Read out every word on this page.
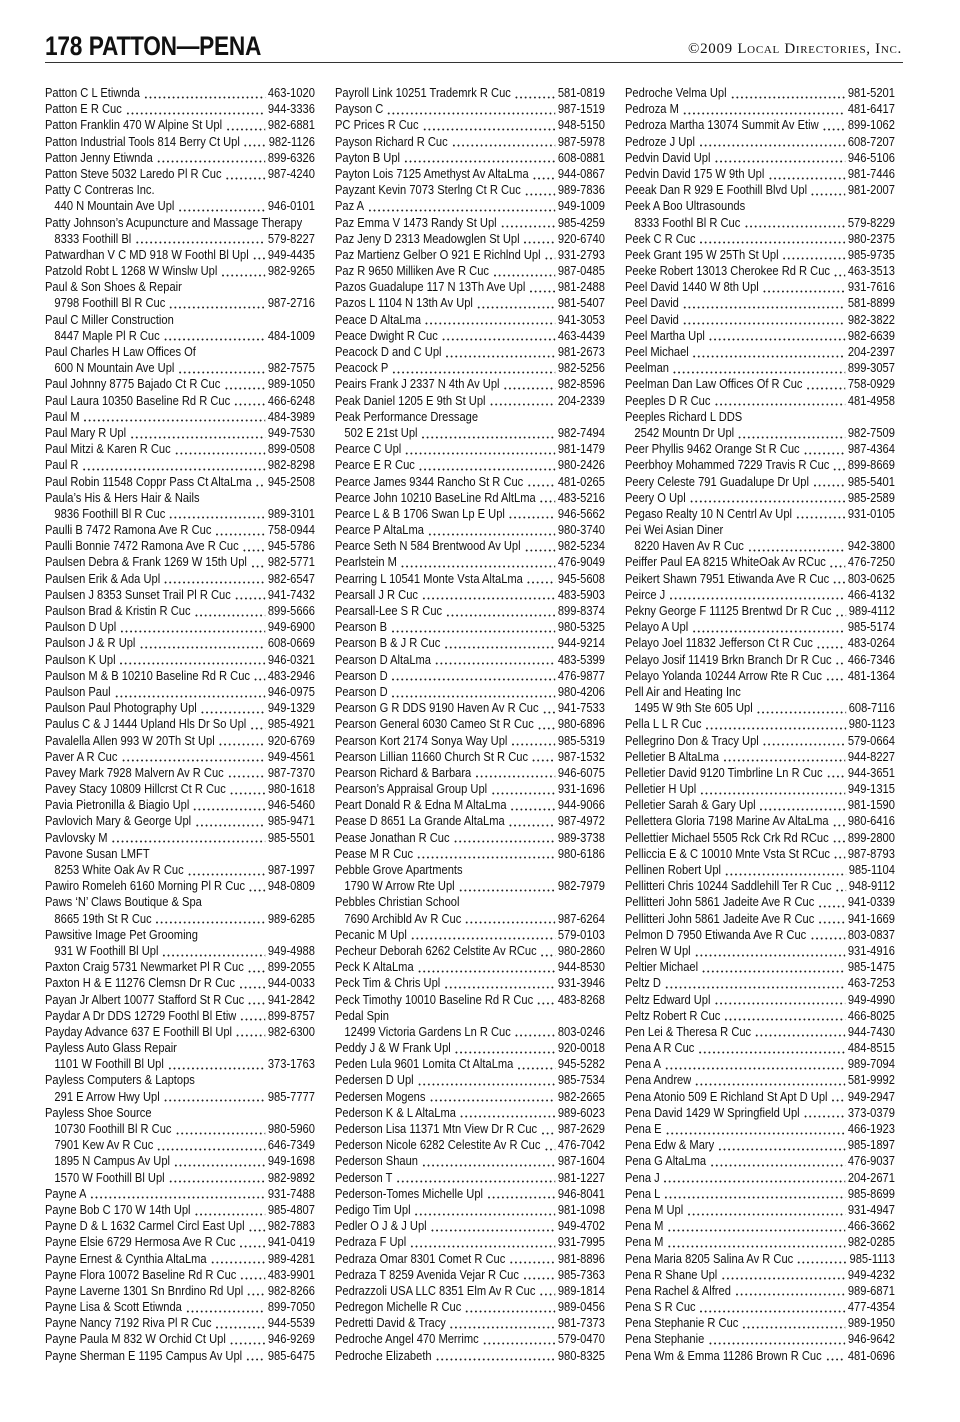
178 PATTON—PENA	©2009 Local Directories, Inc.
Patton C L Etiwnda	463-1020
Patton E R Cuc	944-3336
Patton Franklin 470 W Alpine St Upl	982-6881
Patton Industrial Tools 814 Berry Ct Upl 982-1126
Patton Jenny Etiwnda	899-6326
Patton Steve 5032 Laredo Pl R Cuc	987-4240
Patty C Contreras Inc.
440 N Mountain Ave Upl	946-0101
Patty Johnson’s Acupuncture and Massage Therapy
8333 Foothill Bl	579-8227
Patwardhan V C MD 918 W Foothl Bl Upl 949-4435
Patzold Robt L 1268 W Winslw Upl	982-9265
Paul & Son Shoes & Repair
9798 Foothill Bl R Cuc	987-2716
Paul C Miller Construction
8447 Maple Pl R Cuc	484-1009
Paul Charles H Law Offices Of
600 N Mountain Ave Upl	982-7575
Paul Johnny 8775 Bajado Ct R Cuc	989-1050
Paul Laura 10350 Baseline Rd R Cuc	466-6248
Paul M	484-3989
Paul Mary R Upl	949-7530
Paul Mitzi & Karen R Cuc	899-0508
Paul R	982-8298
Paul Robin 11548 Coppr Pass Ct AltaLma 945-2508
Paula’s His & Hers Hair & Nails
9836 Foothill Bl R Cuc	989-3101
Paulli B 7472 Ramona Ave R Cuc	758-0944
Paulli Bonnie 7472 Ramona Ave R Cuc 945-5786
Paulsen Debra & Frank 1269 W 15th Upl 982-5771
Paulsen Erik & Ada Upl	982-6547
Paulsen J 8353 Sunset Trail Pl R Cuc	941-7432
Paulson Brad & Kristin R Cuc	899-5666
Paulson D Upl	949-6900
Paulson J & R Upl	608-0669
Paulson K Upl	946-0321
Paulson M & B 10210 Baseline Rd R Cuc 483-2946
Paulson Paul	946-0975
Paulson Paul Photography Upl	949-1329
Paulus C & J 1444 Upland Hls Dr So Upl 985-4921
Pavalella Allen 993 W 20Th St Upl	920-6769
Paver A R Cuc	949-4561
Pavey Mark 7928 Malvern Av R Cuc	987-7370
Pavey Stacy 10809 Hillcrst Ct R Cuc	980-1618
Pavia Pietronilla & Biagio Upl	946-5460
Pavlovich Mary & George Upl	985-9471
Pavlovsky M	985-5501
Pavone Susan LMFT
8253 White Oak Av R Cuc	987-1997
Pawiro Romeleh 6160 Morning Pl R Cuc 948-0809
Paws ‘N’ Claws Boutique & Spa
8665 19th St R Cuc	989-6285
Pawsitive Image Pet Grooming
931 W Foothill Bl Upl	949-4988
Paxton Craig 5731 Newmarket Pl R Cuc 899-2055
Paxton H & E 11276 Clemsn Dr R Cuc	944-0033
Payan Jr Albert 10077 Stafford St R Cuc 941-2842
Paydar A Dr DDS 12729 Foothl Bl Etiw 899-8757
Payday Advance 637 E Foothill Bl Upl	982-6300
Payless Auto Glass Repair
1101 W Foothill Bl Upl	373-1763
Payless Computers & Laptops
291 E Arrow Hwy Upl	985-7777
Payless Shoe Source
10730 Foothill Bl R Cuc	980-5960
7901 Kew Av R Cuc	646-7349
1895 N Campus Av Upl	949-1698
1570 W Foothill Bl Upl	982-9892
Payne A	931-7488
Payne Bob C 170 W 14th Upl	985-4807
Payne D & L 1632 Carmel Circl East Upl 982-7883
Payne Elsie 6729 Hermosa Ave R Cuc 941-0419
Payne Ernest & Cynthia AltaLma	989-4281
Payne Flora 10072 Baseline Rd R Cuc 483-9901
Payne Laverne 1301 Sn Bnrdino Rd Upl 982-8266
Payne Lisa & Scott Etiwnda	899-7050
Payne Nancy 7192 Riva Pl R Cuc	944-5539
Payne Paula M 832 W Orchid Ct Upl	946-9269
Payne Sherman E 1195 Campus Av Upl 985-6475
Payroll Link 10251 Trademrk R Cuc	581-0819
Payson C	987-1519
PC Prices R Cuc	948-5150
Payson Richard R Cuc	987-5978
Payton B Upl	608-0881
Payton Lois 7125 Amethyst Av AltaLma 944-0867
Payzant Kevin 7073 Sterlng Ct R Cuc	989-7836
Paz A	949-1009
Paz Emma V 1473 Randy St Upl	985-4259
Paz Jeny D 2313 Meadowglen St Upl	920-6740
Paz Martienz Gelber O 921 E Richlnd Upl 931-2793
Paz R 9650 Milliken Ave R Cuc	987-0485
Pazos Guadalupe 117 N 13Th Ave Upl 981-2488
Pazos L 1104 N 13th Av Upl	981-5407
Peace D AltaLma	941-3053
Peace Dwight R Cuc	463-4439
Peacock D and C Upl	981-2673
Peacock P	982-5256
Peairs Frank J 2337 N 4th Av Upl	982-8596
Peak Daniel 1205 E 9th St Upl	204-2339
Peak Performance Dressage
502 E 21st Upl	982-7494
Pearce C Upl	981-1479
Pearce E R Cuc	980-2426
Pearce James 9344 Rancho St R Cuc	481-0265
Pearce John 10210 BaseLine Rd AltLma 483-5216
Pearce L & B 1706 Swan Lp E Upl	946-5662
Pearce P AltaLma	980-3740
Pearce Seth N 584 Brentwood Av Upl	982-5234
Pearlstein M	476-9049
Pearring L 10541 Monte Vsta AltaLma	945-5608
Pearsall J R Cuc	483-5903
Pearsall-Lee S R Cuc	899-8374
Pearson B	980-5325
Pearson B & J R Cuc	944-9214
Pearson D AltaLma	483-5399
Pearson D	476-9877
Pearson D	980-4206
Pearson G R DDS 9190 Haven Av R Cuc 941-7533
Pearson General 6030 Cameo St R Cuc 980-6896
Pearson Kort 2174 Sonya Way Upl	985-5319
Pearson Lillian 11660 Church St R Cuc 987-1532
Pearson Richard & Barbara	946-6075
Pearson’s Appraisal Group Upl	931-1696
Peart Donald R & Edna M AltaLma	944-9066
Pease D 8651 La Grande AltaLma	987-4972
Pease Jonathan R Cuc	989-3738
Pease M R Cuc	980-6186
Pebble Grove Apartments
1790 W Arrow Rte Upl	982-7979
Pebbles Christian School
7690 Archibld Av R Cuc	987-6264
Pecanic M Upl	579-0103
Pecheur Deborah 6262 Celstite Av RCuc 980-2860
Peck K AltaLma	944-8530
Peck Tim & Chris Upl	931-3946
Peck Timothy 10010 Baseline Rd R Cuc 483-8268
Pedal Spin
12499 Victoria Gardens Ln R Cuc	803-0246
Peddy J & W Frank Upl	920-0018
Peden Lula 9601 Lomita Ct AltaLma	945-5282
Pedersen D Upl	985-7534
Pedersen Mogens	982-2665
Pederson K & L AltaLma	989-6023
Pederson Lisa 11371 Mtn View Dr R Cuc 987-2629
Pederson Nicole 6282 Celestite Av R Cuc 476-7042
Pederson Shaun	987-1604
Pederson T	981-1227
Pederson-Tomes Michelle Upl	946-8041
Pedigo Tim Upl	981-1098
Pedler O J & J Upl	949-4702
Pedraza F Upl	931-7995
Pedraza Omar 8301 Comet R Cuc	981-8896
Pedraza T 8259 Avenida Vejar R Cuc	985-7363
Pedrazzoli USA LLC 8351 Elm Av R Cuc 989-1814
Pedregon Michelle R Cuc	989-0456
Pedretti David & Tracy	981-7373
Pedroche Angel 470 Merrimc	579-0470
Pedroche Elizabeth	980-8325
Pedroche Velma Upl	981-5201
Pedroza M	481-6417
Pedroza Martha 13074 Summit Av Etiw 899-1062
Pedroze J Upl	608-7207
Pedvin David Upl	946-5106
Pedvin David 175 W 9th Upl	981-7446
Peeak Dan R 929 E Foothill Blvd Upl	981-2007
Peek A Boo Ultrasounds
8333 Foothl Bl R Cuc	579-8229
Peek C R Cuc	980-2375
Peek Grant 195 W 25Th St Upl	985-9735
Peeke Robert 13013 Cherokee Rd R Cuc 463-3513
Peel David 1440 W 8th Upl	931-7616
Peel David	581-8899
Peel David	982-3822
Peel Martha Upl	982-6639
Peel Michael	204-2397
Peelman	899-3057
Peelman Dan Law Offices Of R Cuc	758-0929
Peeples D R Cuc	481-4958
Peeples Richard L DDS
2542 Mountn Dr Upl	982-7509
Peer Phyllis 9462 Orange St R Cuc	987-4364
Peerbhoy Mohammed 7229 Travis R Cuc 899-8669
Peery Celeste 791 Guadalupe Dr Upl	985-5401
Peery O Upl	985-2589
Pegaso Realty 10 N Centrl Av Upl	931-0105
Pei Wei Asian Diner
8220 Haven Av R Cuc	942-3800
Peiffer Paul EA 8215 WhiteOak Av RCuc 476-7250
Peikert Shawn 7951 Etiwanda Ave R Cuc 803-0625
Peirce J	466-4132
Pekny George F 11125 Brentwd Dr R Cuc 989-4112
Pelayo A Upl	985-5174
Pelayo Joel 11832 Jefferson Ct R Cuc	483-0264
Pelayo Josif 11419 Brkn Branch Dr R Cuc 466-7346
Pelayo Yolanda 10244 Arrow Rte R Cuc 481-1364
Pell Air and Heating Inc
1495 W 9th Ste 605 Upl	608-7116
Pella L L R Cuc	980-1123
Pellegrino Don & Tracy Upl	579-0664
Pelletier B AltaLma	944-8227
Pelletier David 9120 Timbrline Ln R Cuc 944-3651
Pelletier H Upl	949-1315
Pelletier Sarah & Gary Upl	981-1590
Pellettera Gloria 7198 Marine Av AltaLma 980-6416
Pellettier Michael 5505 Rck Crk Rd RCuc 899-2800
Pelliccia E & C 10010 Mnte Vsta St RCuc 987-8793
Pellinen Robert Upl	985-1104
Pellitteri Chris 10244 Saddlehill Ter R Cuc 948-9112
Pellitteri John 5861 Jadeite Ave R Cuc	941-0339
Pellitteri John 5861 Jadeite Ave R Cuc	941-1669
Pelmon D 7950 Etiwanda Ave R Cuc	803-0837
Pelren W Upl	931-4916
Peltier Michael	985-1475
Peltz D	463-7253
Peltz Edward Upl	949-4990
Peltz Robert R Cuc	466-8025
Pen Lei & Theresa R Cuc	944-7430
Pena A R Cuc	484-8515
Pena A	989-7094
Pena Andrew	581-9992
Pena Atonio 509 E Richland St Apt D Upl 949-2947
Pena David 1429 W Springfield Upl	373-0379
Pena E	466-1923
Pena Edw & Mary	985-1897
Pena G AltaLma	476-9037
Pena J	204-2671
Pena L	985-8699
Pena M Upl	931-4947
Pena M	466-3662
Pena M	982-0285
Pena Maria 8205 Salina Av R Cuc	985-1113
Pena R Shane Upl	949-4232
Pena Rachel & Alfred	989-6871
Pena S R Cuc	477-4354
Pena Stephanie R Cuc	989-1950
Pena Stephanie	946-9642
Pena Wm & Emma 11286 Brown R Cuc 481-0696
